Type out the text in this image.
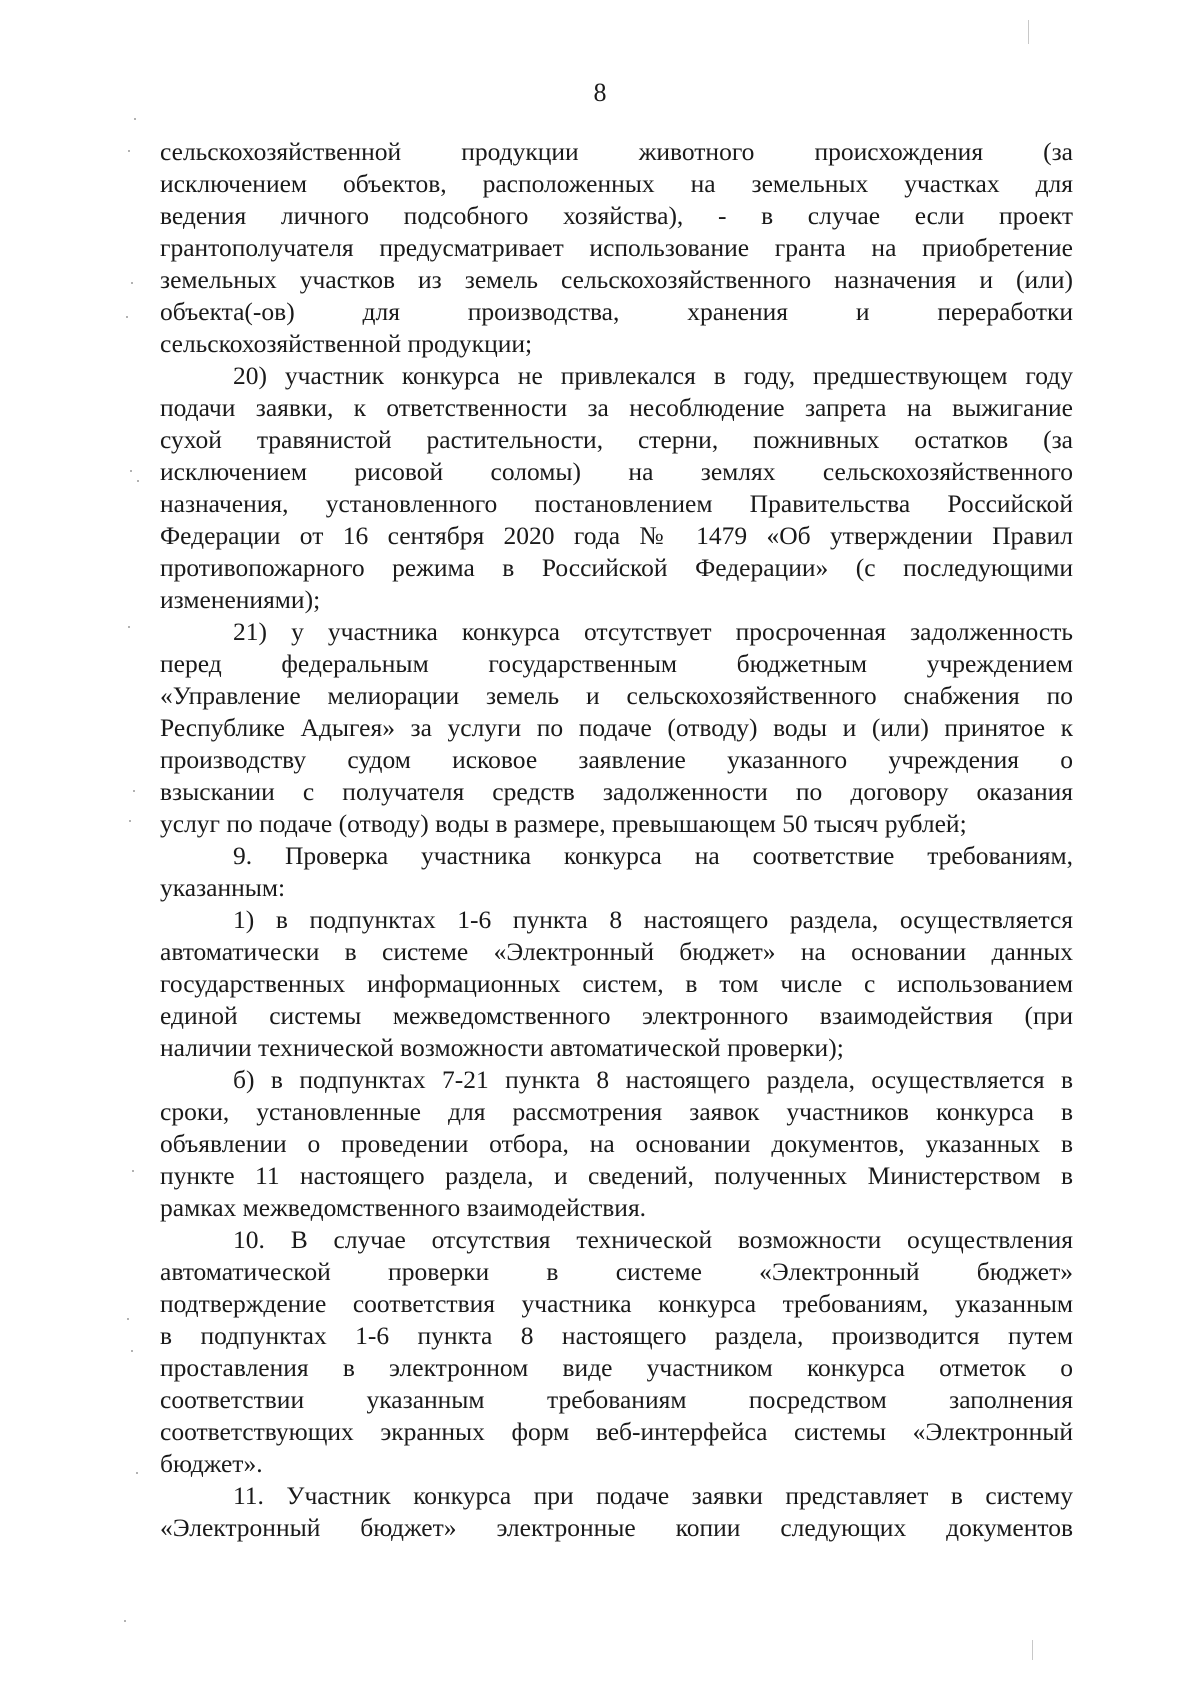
8

сельскохозяйственной продукции животного происхождения (за
исключением объектов, расположенных на земельных участках для
ведения личного подсобного хозяйства), - в случае если проект
грантополучателя предусматривает использование гранта на приобретение
земельных участков из земель сельскохозяйственного назначения и (или)
объекта(-ов) для производства, хранения и переработки
сельскохозяйственной продукции;

20) участник конкурса не привлекался в году, предшествующем году
подачи заявки, к ответственности за несоблюдение запрета на выжигание
сухой травянистой растительности, стерни, пожнивных остатков (за
исключением рисовой соломы) на землях сельскохозяйственного
назначения, установленного постановлением Правительства Российской
Федерации от 16 сентября 2020 года № 1479 «Об утверждении Правил
противопожарного режима в Российской Федерации» (с последующими
изменениями);

21) у участника конкурса отсутствует просроченная задолженность
перед федеральным государственным бюджетным учреждением
«Управление мелиорации земель и сельскохозяйственного снабжения по
Республике Адыгея» за услуги по подаче (отводу) воды и (или) принятое к
производству судом исковое заявление указанного учреждения о
взыскании с получателя средств задолженности по договору оказания
услуг по подаче (отводу) воды в размере, превышающем 50 тысяч рублей;

9. Проверка участника конкурса на соответствие требованиям,
указанным:

1) в подпунктах 1-6 пункта 8 настоящего раздела, осуществляется
автоматически в системе «Электронный бюджет» на основании данных
государственных информационных систем, в том числе с использованием
единой системы межведомственного электронного взаимодействия (при
наличии технической возможности автоматической проверки);

б) в подпунктах 7-21 пункта 8 настоящего раздела, осуществляется в
сроки, установленные для рассмотрения заявок участников конкурса в
объявлении о проведении отбора, на основании документов, указанных в
пункте 11 настоящего раздела, и сведений, полученных Министерством в
рамках межведомственного взаимодействия.

10. В случае отсутствия технической возможности осуществления
автоматической проверки в системе «Электронный бюджет»
подтверждение соответствия участника конкурса требованиям, указанным
в подпунктах 1-6 пункта 8 настоящего раздела, производится путем
проставления в электронном виде участником конкурса отметок о
соответствии указанным требованиям посредством заполнения
соответствующих экранных форм веб-интерфейса системы «Электронный
бюджет».

11. Участник конкурса при подаче заявки представляет в систему
«Электронный бюджет» электронные копии следующих документов
